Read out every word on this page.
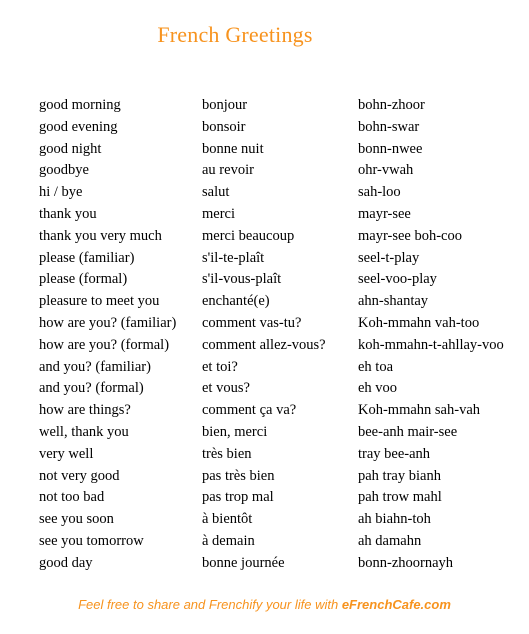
French Greetings
good morning	bonjour	bohn-zhoor
good evening	bonsoir	bohn-swar
good night	bonne nuit	bonn-nwee
goodbye	au revoir	ohr-vwah
hi / bye	salut	sah-loo
thank you	merci	mayr-see
thank you very much	merci beaucoup	mayr-see boh-coo
please (familiar)	s'il-te-plaît	seel-t-play
please (formal)	s'il-vous-plaît	seel-voo-play
pleasure to meet you	enchanté(e)	ahn-shantay
how are you? (familiar)	comment vas-tu?	Koh-mmahn vah-too
how are you? (formal)	comment allez-vous?	koh-mmahn-t-ahllay-voo
and you? (familiar)	et toi?	eh toa
and you? (formal)	et vous?	eh voo
how are things?	comment ça va?	Koh-mmahn sah-vah
well, thank you	bien, merci	bee-anh mair-see
very well	très bien	tray bee-anh
not very good	pas très bien	pah tray bianh
not too bad	pas trop mal	pah trow mahl
see you soon	à bientôt	ah biahn-toh
see you tomorrow	à demain	ah damahn
good day	bonne journée	bonn-zhoornayh
Feel free to share and Frenchify your life with eFrenchCafe.com
